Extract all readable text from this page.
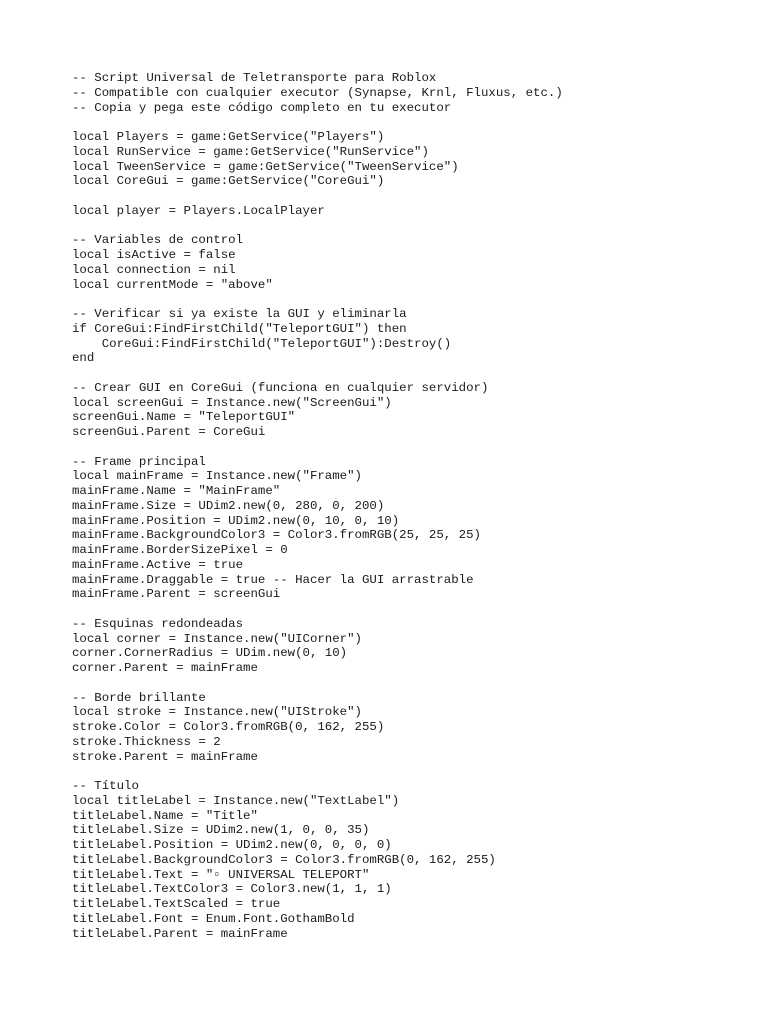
-- Script Universal de Teletransporte para Roblox
-- Compatible con cualquier executor (Synapse, Krnl, Fluxus, etc.)
-- Copia y pega este código completo en tu executor

local Players = game:GetService("Players")
local RunService = game:GetService("RunService")
local TweenService = game:GetService("TweenService")
local CoreGui = game:GetService("CoreGui")

local player = Players.LocalPlayer

-- Variables de control
local isActive = false
local connection = nil
local currentMode = "above"

-- Verificar si ya existe la GUI y eliminarla
if CoreGui:FindFirstChild("TeleportGUI") then
CoreGui:FindFirstChild("TeleportGUI"):Destroy()
end

-- Crear GUI en CoreGui (funciona en cualquier servidor)
local screenGui = Instance.new("ScreenGui")
screenGui.Name = "TeleportGUI"
screenGui.Parent = CoreGui

-- Frame principal
local mainFrame = Instance.new("Frame")
mainFrame.Name = "MainFrame"
mainFrame.Size = UDim2.new(0, 280, 0, 200)
mainFrame.Position = UDim2.new(0, 10, 0, 10)
mainFrame.BackgroundColor3 = Color3.fromRGB(25, 25, 25)
mainFrame.BorderSizePixel = 0
mainFrame.Active = true
mainFrame.Draggable = true -- Hacer la GUI arrastrable
mainFrame.Parent = screenGui

-- Esquinas redondeadas
local corner = Instance.new("UICorner")
corner.CornerRadius = UDim.new(0, 10)
corner.Parent = mainFrame

-- Borde brillante
local stroke = Instance.new("UIStroke")
stroke.Color = Color3.fromRGB(0, 162, 255)
stroke.Thickness = 2
stroke.Parent = mainFrame

-- Título
local titleLabel = Instance.new("TextLabel")
titleLabel.Name = "Title"
titleLabel.Size = UDim2.new(1, 0, 0, 35)
titleLabel.Position = UDim2.new(0, 0, 0, 0)
titleLabel.BackgroundColor3 = Color3.fromRGB(0, 162, 255)
titleLabel.Text = "▫ UNIVERSAL TELEPORT"
titleLabel.TextColor3 = Color3.new(1, 1, 1)
titleLabel.TextScaled = true
titleLabel.Font = Enum.Font.GothamBold
titleLabel.Parent = mainFrame
